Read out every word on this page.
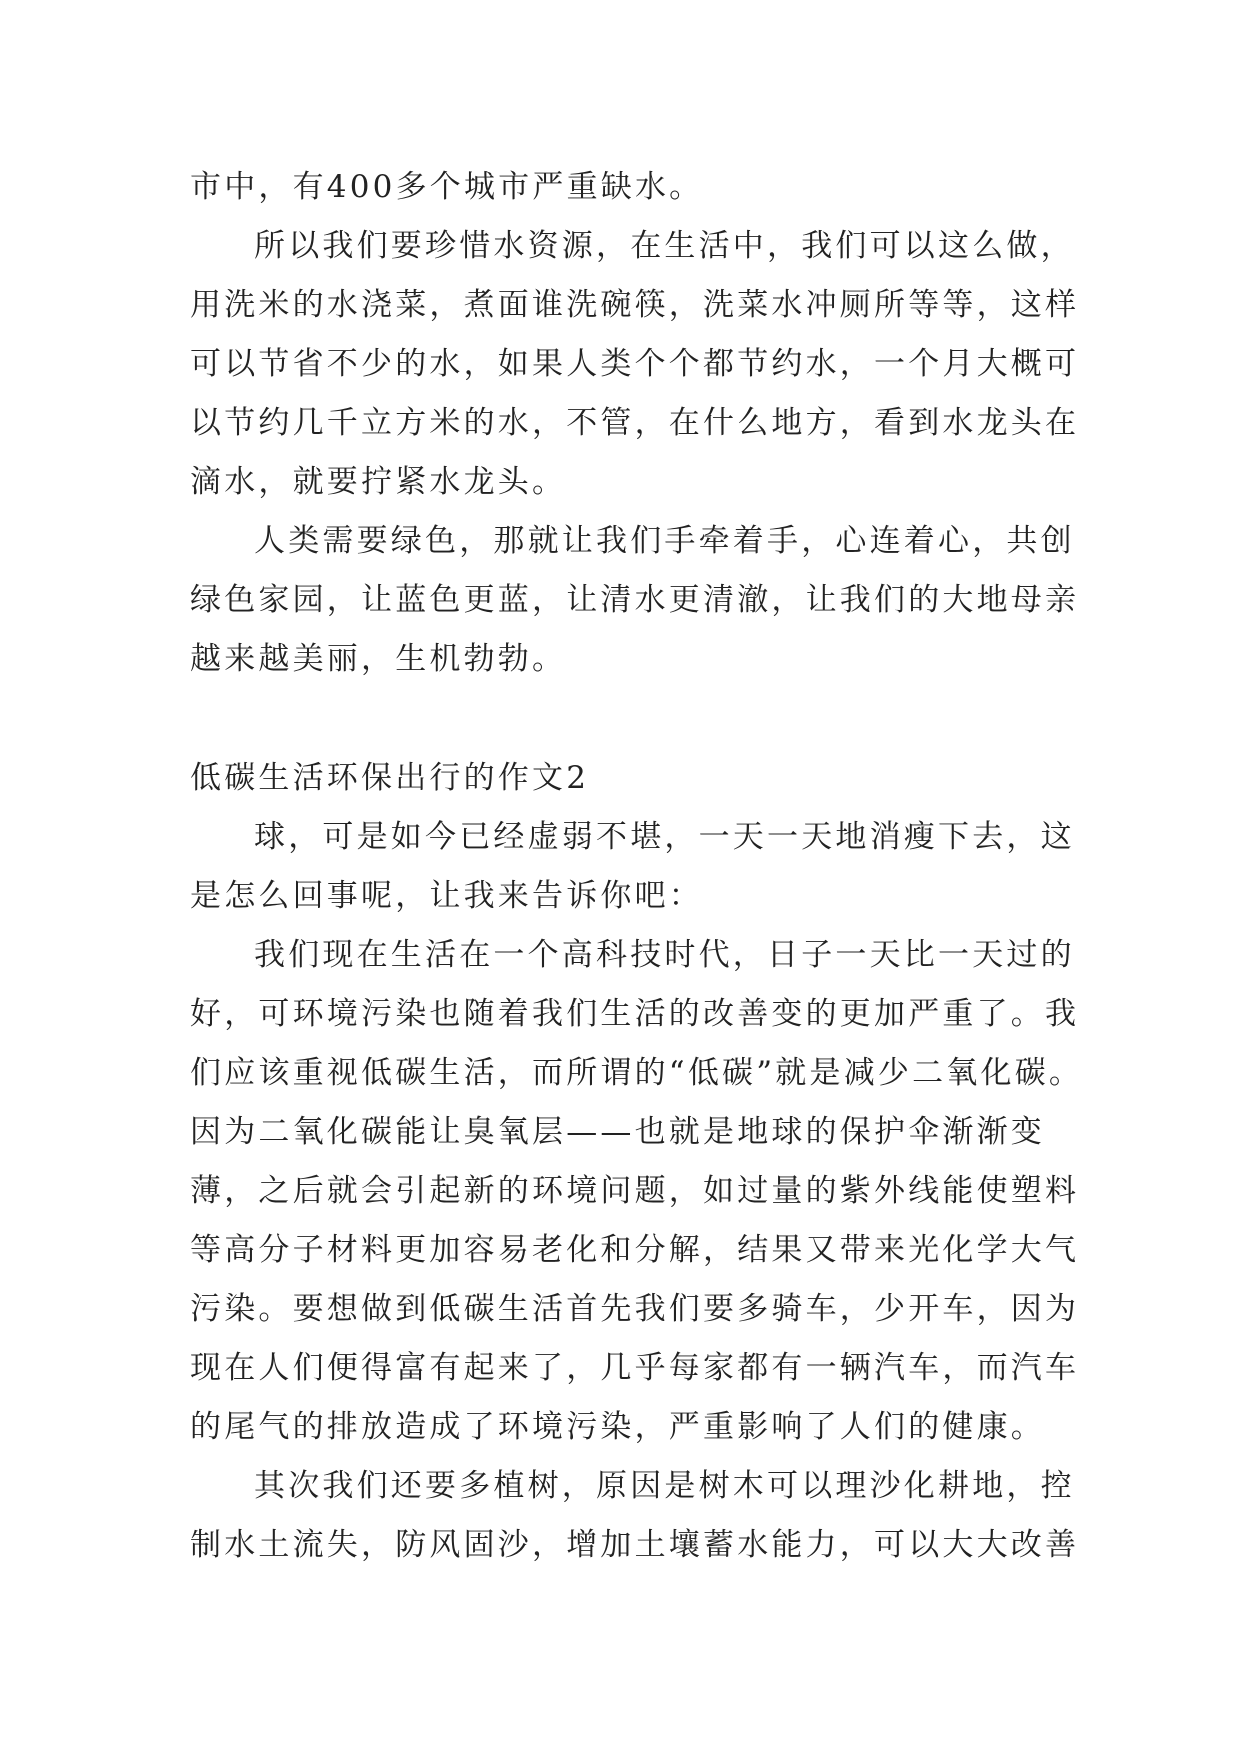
市中，有400多个城市严重缺水。
所以我们要珍惜水资源，在生活中，我们可以这么做，
用洗米的水浇菜，煮面谁洗碗筷，洗菜水冲厕所等等，这样
可以节省不少的水，如果人类个个都节约水，一个月大概可
以节约几千立方米的水，不管，在什么地方，看到水龙头在
滴水，就要拧紧水龙头。
人类需要绿色，那就让我们手牵着手，心连着心，共创
绿色家园，让蓝色更蓝，让清水更清澈，让我们的大地母亲
越来越美丽，生机勃勃。
低碳生活环保出行的作文2
球，可是如今已经虚弱不堪，一天一天地消瘦下去，这
是怎么回事呢，让我来告诉你吧：
我们现在生活在一个高科技时代，日子一天比一天过的
好，可环境污染也随着我们生活的改善变的更加严重了。我
们应该重视低碳生活，而所谓的“低碳”就是减少二氧化碳。
因为二氧化碳能让臭氧层——也就是地球的保护伞渐渐变
薄，之后就会引起新的环境问题，如过量的紫外线能使塑料
等高分子材料更加容易老化和分解，结果又带来光化学大气
污染。要想做到低碳生活首先我们要多骑车，少开车，因为
现在人们便得富有起来了，几乎每家都有一辆汽车，而汽车
的尾气的排放造成了环境污染，严重影响了人们的健康。
其次我们还要多植树，原因是树木可以理沙化耕地，控
制水土流失，防风固沙，增加土壤蓄水能力，可以大大改善
